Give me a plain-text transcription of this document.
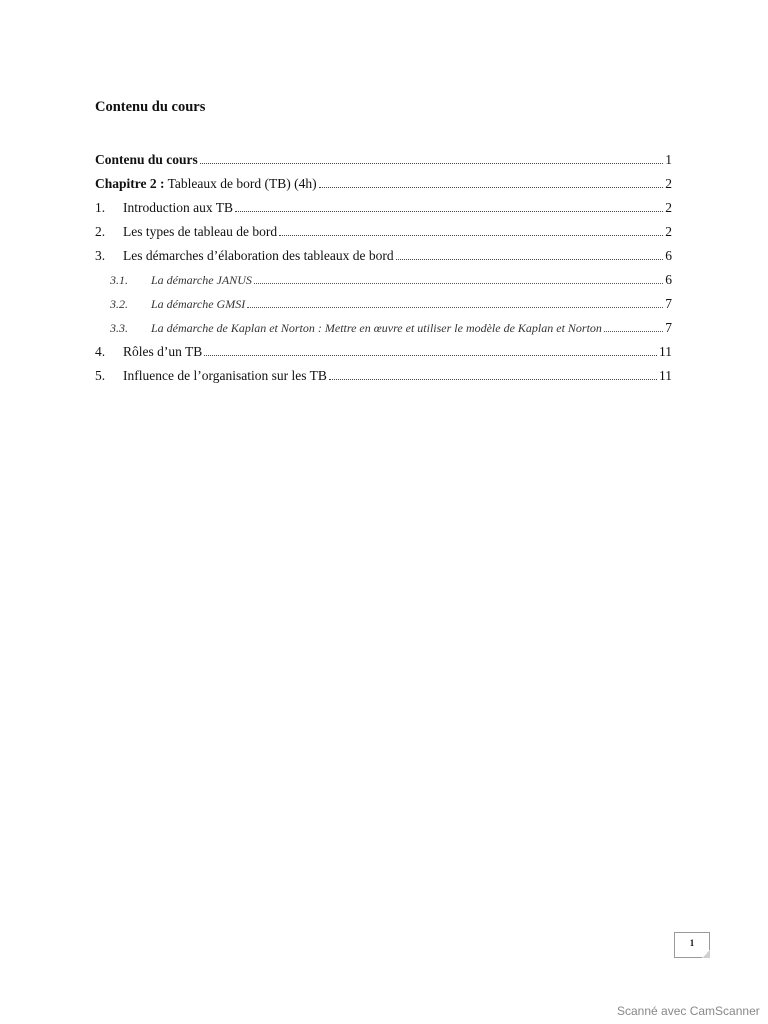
Contenu du cours
Contenu du cours	1
Chapitre 2 : Tableaux de bord (TB) (4h)	2
1.	Introduction aux TB	2
2.	Les types de tableau de bord	2
3.	Les démarches d’élaboration des tableaux de bord	6
3.1.	La démarche JANUS	6
3.2.	La démarche GMSI	7
3.3.	La démarche de Kaplan et Norton : Mettre en œuvre et utiliser le modèle de Kaplan et Norton	7
4.	Rôles d’un TB	11
5.	Influence de l’organisation sur les TB	11
1
Scanné avec CamScanner
